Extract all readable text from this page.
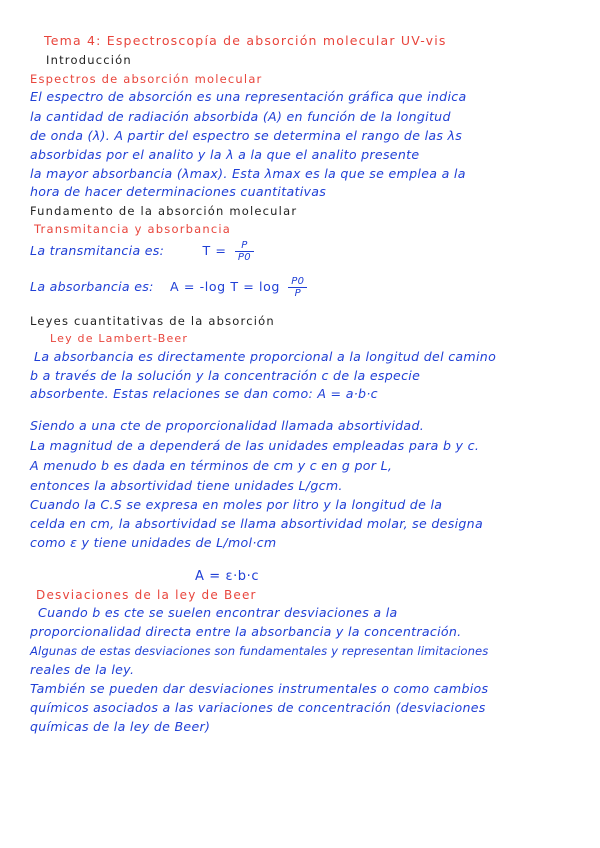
Tema 4: Espectroscopía de absorción molecular UV-vis
Introducción
Espectros de absorción molecular
El espectro de absorción es una representación gráfica que indica
la cantidad de radiación absorbida (A) en función de la longitud
de onda (λ). A partir del espectro se determina el rango de las λs
absorbidas por el analito y la λ a la que el analito presente
la mayor absorbancia (λmax). Esta λmax es la que se emplea a la
hora de hacer determinaciones cuantitativas
Fundamento de la absorción molecular
Transmitancia y absorbancia
La transmitancia es:	$T = \frac{P}{P0}$
La absorbancia es: A = -log $T = \log \frac{P0}{P}$
Leyes cuantitativas de la absorción
Ley de Lambert-Beer
La absorbancia es directamente proporcional a la longitud del camino
b a través de la solución y la concentración c de la especie
absorbente. Estas relaciones se dan como: A = a·b·c
Siendo a una cte de proporcionalidad llamada absortividad.
La magnitud de a dependerá de las unidades empleadas para b y c.
A menudo b es dada en términos de cm y c en g por L,
entonces la absortividad tiene unidades L/gcm.
Cuando la C.S se expresa en moles por litro y la longitud de la
celda en cm, la absortividad se llama absortividad molar, se designa
como ε y tiene unidades de L/mol·cm
A = ε·b·c
Desviaciones de la ley de Beer
Cuando b es cte se suelen encontrar desviaciones a la
proporcionalidad directa entre la absorbancia y la concentración.
Algunas de estas desviaciones son fundamentales y representan limitaciones
reales de la ley.
También se pueden dar desviaciones instrumentales o como cambios
químicos asociados a las variaciones de concentración (desviaciones
químicas de la ley de Beer)
